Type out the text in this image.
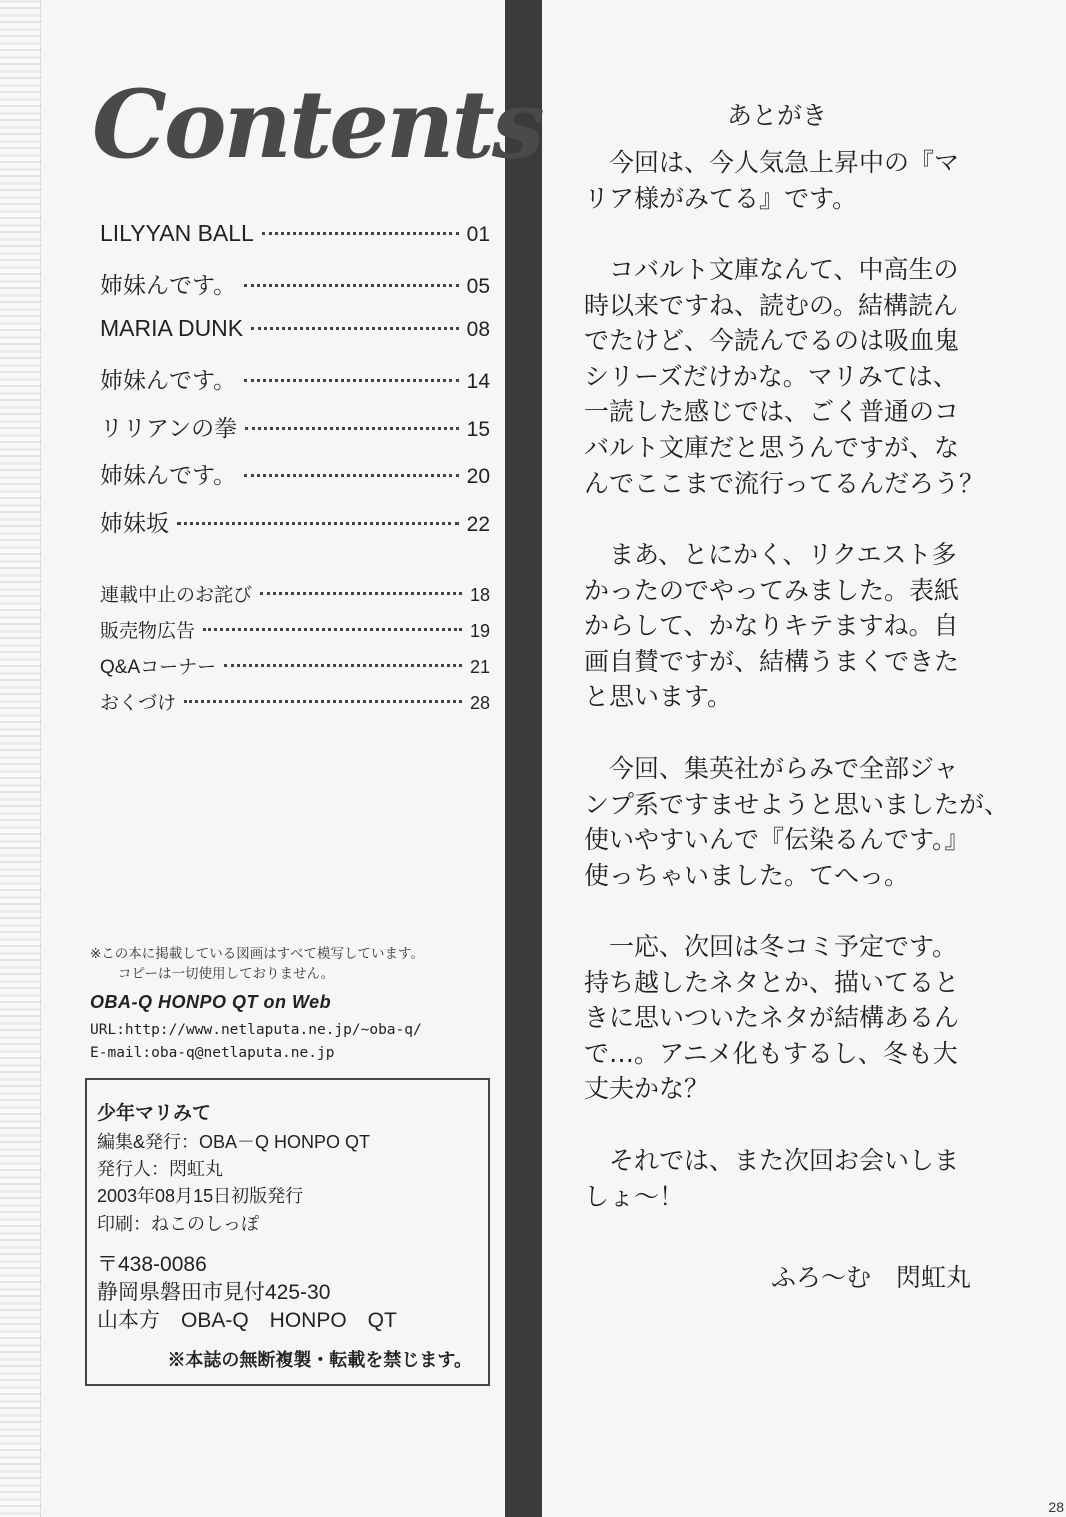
Contents
LILYYAN BALL	01
姉妹んです。	05
MARIA DUNK	08
姉妹んです。	14
リリアンの拳	15
姉妹んです。	20
姉妹坂	22
連載中止のお詫び	18
販売物広告	19
Q&Aコーナー	21
おくづけ	28
※この本に掲載している図画はすべて模写しています。
コピーは一切使用しておりません。
OBA-Q HONPO QT on Web
URL:http://www.netlaputa.ne.jp/~oba-q/
E-mail:oba-q@netlaputa.ne.jp
少年マリみて
編集&発行：OBA－Q HONPO QT
発行人：閃虹丸
2003年08月15日初版発行
印刷：ねこのしっぽ
〒438-0086
静岡県磐田市見付425-30
山本方　OBA-Q　HONPO　QT
※本誌の無断複製・転載を禁じます。
あとがき

　今回は、今人気急上昇中の『マ
リア様がみてる』です。

　コバルト文庫なんて、中高生の
時以来ですね、読むの。結構読ん
でたけど、今読んでるのは吸血鬼
シリーズだけかな。マリみては、
一読した感じでは、ごく普通のコ
バルト文庫だと思うんですが、な
んでここまで流行ってるんだろう？

　まあ、とにかく、リクエスト多
かったのでやってみました。表紙
からして、かなりキテますね。自
画自賛ですが、結構うまくできた
と思います。

　今回、集英社がらみで全部ジャ
ンプ系ですませようと思いましたが、
使いやすいんで『伝染るんです。』
使っちゃいました。てへっ。

　一応、次回は冬コミ予定です。
持ち越したネタとか、描いてると
きに思いついたネタが結構あるん
で…。アニメ化もするし、冬も大
丈夫かな？

　それでは、また次回お会いしま
しょ～！

ふろ～む　閃虹丸
28
